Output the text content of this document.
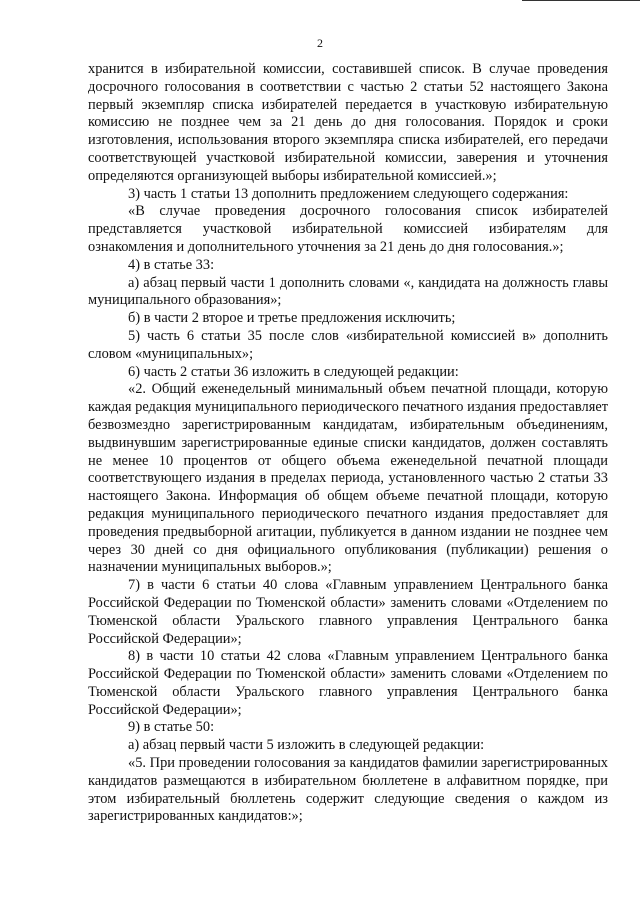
2

хранится в избирательной комиссии, составившей список. В случае проведения досрочного голосования в соответствии с частью 2 статьи 52 настоящего Закона первый экземпляр списка избирателей передается в участковую избирательную комиссию не позднее чем за 21 день до дня голосования. Порядок и сроки изготовления, использования второго экземпляра списка избирателей, его передачи соответствующей участковой избирательной комиссии, заверения и уточнения определяются организующей выборы избирательной комиссией.»;

3) часть 1 статьи 13 дополнить предложением следующего содержания:

«В случае проведения досрочного голосования список избирателей представляется участковой избирательной комиссией избирателям для ознакомления и дополнительного уточнения за 21 день до дня голосования.»;

4) в статье 33:

а) абзац первый части 1 дополнить словами «, кандидата на должность главы муниципального образования»;

б) в части 2 второе и третье предложения исключить;

5) часть 6 статьи 35 после слов «избирательной комиссией в» дополнить словом «муниципальных»;

6) часть 2 статьи 36 изложить в следующей редакции:

«2. Общий еженедельный минимальный объем печатной площади, которую каждая редакция муниципального периодического печатного издания предоставляет безвозмездно зарегистрированным кандидатам, избирательным объединениям, выдвинувшим зарегистрированные единые списки кандидатов, должен составлять не менее 10 процентов от общего объема еженедельной печатной площади соответствующего издания в пределах периода, установленного частью 2 статьи 33 настоящего Закона. Информация об общем объеме печатной площади, которую редакция муниципального периодического печатного издания предоставляет для проведения предвыборной агитации, публикуется в данном издании не позднее чем через 30 дней со дня официального опубликования (публикации) решения о назначении муниципальных выборов.»;

7) в части 6 статьи 40 слова «Главным управлением Центрального банка Российской Федерации по Тюменской области» заменить словами «Отделением по Тюменской области Уральского главного управления Центрального банка Российской Федерации»;

8) в части 10 статьи 42 слова «Главным управлением Центрального банка Российской Федерации по Тюменской области» заменить словами «Отделением по Тюменской области Уральского главного управления Центрального банка Российской Федерации»;

9) в статье 50:

а) абзац первый части 5 изложить в следующей редакции:

«5. При проведении голосования за кандидатов фамилии зарегистрированных кандидатов размещаются в избирательном бюллетене в алфавитном порядке, при этом избирательный бюллетень содержит следующие сведения о каждом из зарегистрированных кандидатов:»;
